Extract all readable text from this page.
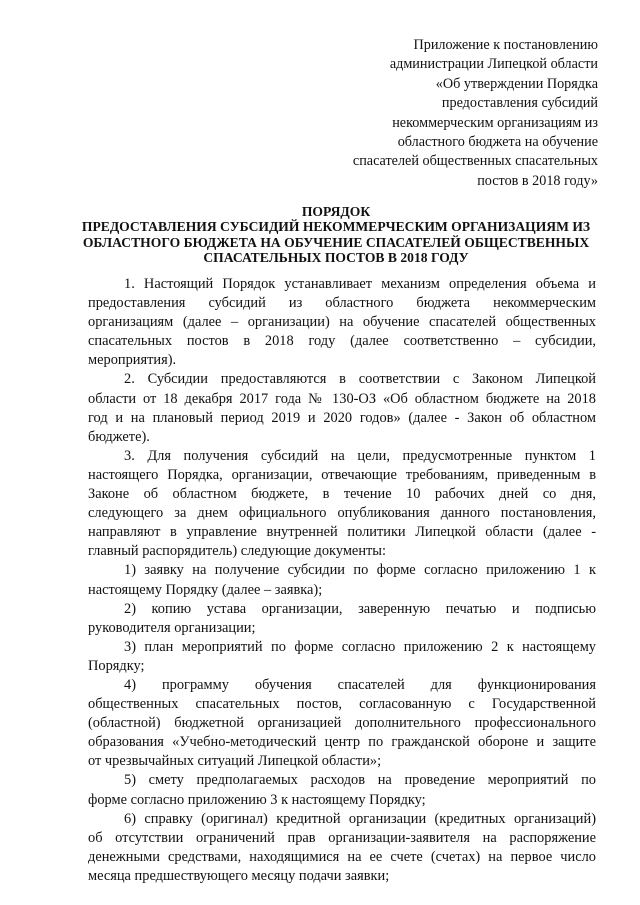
Приложение к постановлению
администрации Липецкой области
«Об утверждении Порядка
предоставления субсидий
некоммерческим организациям из
областного бюджета на обучение
спасателей общественных спасательных
постов в 2018 году»
ПОРЯДОК
ПРЕДОСТАВЛЕНИЯ СУБСИДИЙ НЕКОММЕРЧЕСКИМ ОРГАНИЗАЦИЯМ ИЗ
ОБЛАСТНОГО БЮДЖЕТА НА ОБУЧЕНИЕ СПАСАТЕЛЕЙ ОБЩЕСТВЕННЫХ
СПАСАТЕЛЬНЫХ ПОСТОВ В 2018 ГОДУ
1. Настоящий Порядок устанавливает механизм определения объема и
предоставления субсидий из областного бюджета некоммерческим
организациям (далее – организации) на обучение спасателей общественных
спасательных постов в 2018 году (далее соответственно – субсидии,
мероприятия).
2. Субсидии предоставляются в соответствии с Законом Липецкой
области от 18 декабря 2017 года № 130-ОЗ «Об областном бюджете на 2018
год и на плановый период 2019 и 2020 годов» (далее - Закон об областном
бюджете).
3. Для получения субсидий на цели, предусмотренные пунктом 1
настоящего Порядка, организации, отвечающие требованиям, приведенным в
Законе об областном бюджете, в течение 10 рабочих дней со дня,
следующего за днем официального опубликования данного постановления,
направляют в управление внутренней политики Липецкой области (далее -
главный распорядитель) следующие документы:
1) заявку на получение субсидии по форме согласно приложению 1 к
настоящему Порядку (далее – заявка);
2) копию устава организации, заверенную печатью и подписью
руководителя организации;
3) план мероприятий по форме согласно приложению 2 к настоящему
Порядку;
4) программу обучения спасателей для функционирования
общественных спасательных постов, согласованную с Государственной
(областной) бюджетной организацией дополнительного профессионального
образования «Учебно-методический центр по гражданской обороне и защите
от чрезвычайных ситуаций Липецкой области»;
5) смету предполагаемых расходов на проведение мероприятий по
форме согласно приложению 3 к настоящему Порядку;
6) справку (оригинал) кредитной организации (кредитных организаций)
об отсутствии ограничений прав организации-заявителя на распоряжение
денежными средствами, находящимися на ее счете (счетах) на первое число
месяца предшествующего месяцу подачи заявки;
